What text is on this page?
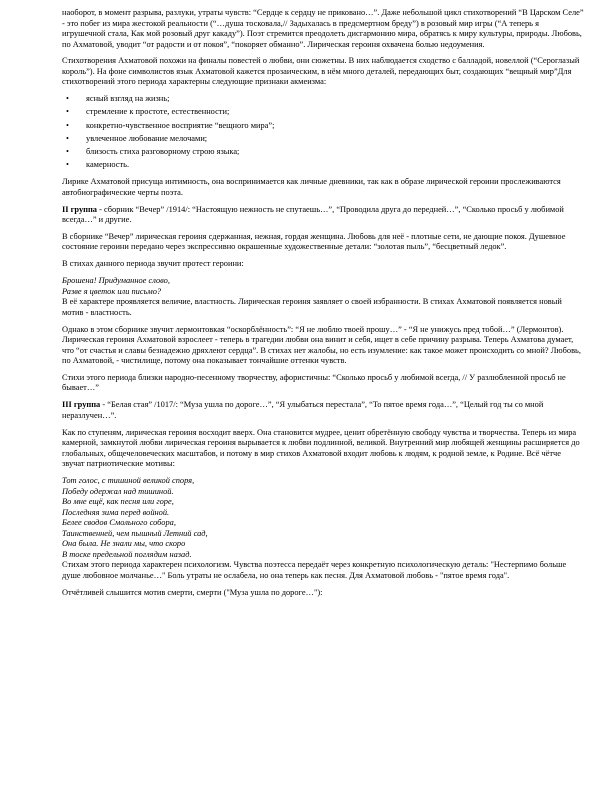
наоборот, в момент разрыва, разлуки, утраты чувств: “Сердце к сердцу не приковано…”. Даже небольшой цикл стихотворений “В Царском Селе” - это побег из мира жестокой реальности (“…душа тосковала,// Задыхалась в предсмертном бреду”) в розовый мир игры (“А теперь я игрушечной стала, Как мой розовый друг какаду”). Поэт стремится преодолеть дисгармонию мира, обратясь к миру культуры, природы. Любовь, по Ахматовой, уводит “от радости и от покоя”, “покоряет обманно”. Лирическая героиня охвачена болью недоумения.

Стихотворения Ахматовой похожи на финалы повестей о любви, они сюжетны. В них наблюдается сходство с балладой, новеллой (“Сероглазый король”). На фоне символистов язык Ахматовой кажется прозаическим, в нём много деталей, передающих быт, создающих “вещный мир”Для стихотворений этого периода характерны следующие признаки акмеизма:

• ясный взгляд на жизнь;
• стремление к простоте, естественности;
• конкретно-чувственное восприятие “вещного мира”;
• увлеченное любование мелочами;
• близость стиха разговорному строю языка;
• камерность.

Лирике Ахматовой присуща интимность, она воспринимается как личные дневники, так как в образе лирической героини прослеживаются автобиографические черты поэта.

II группа - сборник “Вечер” /1914/: “Настоящую нежность не спутаешь…”, “Проводила друга до передней…”, “Сколько просьб у любимой всегда…” и другие.

В сборнике “Вечер” лирическая героиня сдержанная, нежная, гордая женщина. Любовь для неё - плотные сети, не дающие покоя. Душевное состояние героини передано через экспрессивно окрашенные художественные детали: “золотая пыль”, “бесцветный ледок”.

В стихах данного периода звучит протест героини:

Брошена! Придуманное слово,
Разве я цветок или письмо?

В её характере проявляется величие, властность. Лирическая героиня заявляет о своей избранности. В стихах Ахматовой появляется новый мотив - властность.

Однако в этом сборнике звучит лермонтовкая “оскорблённость”: “Я не люблю твоей прошу…” - “Я не унижусь пред тобой…” (Лермонтов). Лирическая героиня Ахматовой взрослеет - теперь в трагедии любви она винит и себя, ищет в себе причину разрыва. Теперь Ахматова думает, что “от счастья и славы безнадежно дряхлеют сердца”. В стихах нет жалобы, но есть изумление: как такое может происходить со мной? Любовь, по Ахматовой, - чистилище, потому она показывает тончайшие оттенки чувств.

Стихи этого периода близки народно-песенному творчеству, афористичны: “Сколько просьб у любимой всегда, // У разлюбленной просьб не бывает…”

III группа - “Белая стая” /1017/: “Муза ушла по дороге…”, “Я улыбаться перестала”, “То пятое время года…”, “Целый год ты со мной неразлучен…”.

Как по ступеням, лирическая героиня восходит вверх. Она становится мудрее, ценит обретённую свободу чувства и творчества. Теперь из мира камерной, замкнутой любви лирическая героиня вырывается к любви подлинной, великой. Внутренний мир любящей женщины расширяется до глобальных, общечеловеческих масштабов, и потому в мир стихов Ахматовой входит любовь к людям, к родной земле, к Родине. Всё чётче звучат патриотические мотивы:

Тот голос, с тишиной великой споря,
Победу одержал над тишиной.
Во мне ещё, как песня или горе,
Последняя зима перед войной.
Белее сводов Смольного собора,
Таинственней, чем пышный Летний сад,
Она была. Не знали мы, что скоро
В тоске предельной поглядим назад.

Стихам этого периода характерен психологизм. Чувства поэтесса передаёт через конкретную психологическую деталь: "Нестерпимо больше душе любовное молчанье…" Боль утраты не ослабела, но она теперь как песня. Для Ахматовой любовь - "пятое время года".

Отчётливей слышится мотив смерти, смерти ("Муза ушла по дороге…"):
